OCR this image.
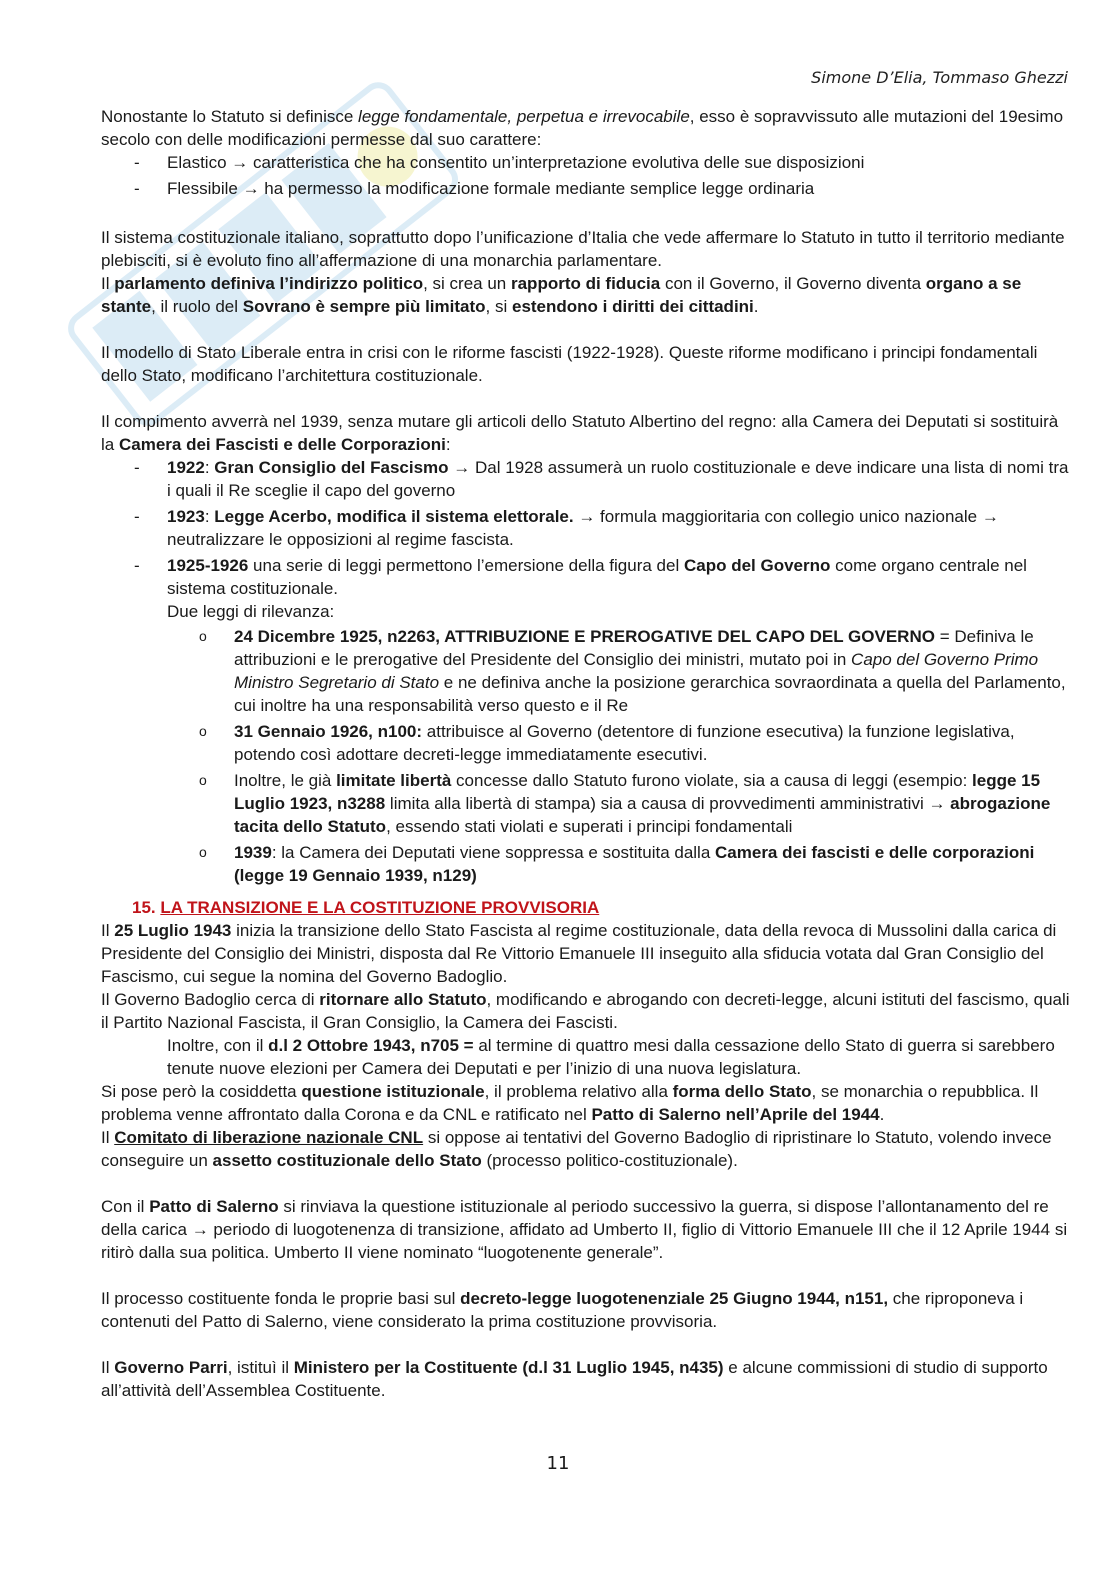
Simone D’Elia, Tommaso Ghezzi

Nonostante lo Statuto si definisce legge fondamentale, perpetua e irrevocabile, esso è sopravvissuto alle mutazioni del 19esimo secolo con delle modificazioni permesse dal suo carattere:

- Elastico → caratteristica che ha consentito un’interpretazione evolutiva delle sue disposizioni
- Flessibile → ha permesso la modificazione formale mediante semplice legge ordinaria

Il sistema costituzionale italiano, soprattutto dopo l’unificazione d’Italia che vede affermare lo Statuto in tutto il territorio mediante plebisciti, si è evoluto fino all’affermazione di una monarchia parlamentare.

Il parlamento definiva l’indirizzo politico, si crea un rapporto di fiducia con il Governo, il Governo diventa organo a se stante, il ruolo del Sovrano è sempre più limitato, si estendono i diritti dei cittadini.

Il modello di Stato Liberale entra in crisi con le riforme fascisti (1922-1928). Queste riforme modificano i principi fondamentali dello Stato, modificano l’architettura costituzionale.

Il compimento avverrà nel 1939, senza mutare gli articoli dello Statuto Albertino del regno: alla Camera dei Deputati si sostituirà la Camera dei Fascisti e delle Corporazioni:

- 1922: Gran Consiglio del Fascismo → Dal 1928 assumerà un ruolo costituzionale e deve indicare una lista di nomi tra i quali il Re sceglie il capo del governo
- 1923: Legge Acerbo, modifica il sistema elettorale. → formula maggioritaria con collegio unico nazionale → neutralizzare le opposizioni al regime fascista.
- 1925-1926 una serie di leggi permettono l’emersione della figura del Capo del Governo come organo centrale nel sistema costituzionale.
Due leggi di rilevanza:
o 24 Dicembre 1925, n2263, ATTRIBUZIONE E PREROGATIVE DEL CAPO DEL GOVERNO = Definiva le attribuzioni e le prerogative del Presidente del Consiglio dei ministri, mutato poi in Capo del Governo Primo Ministro Segretario di Stato e ne definiva anche la posizione gerarchica sovraordinata a quella del Parlamento, cui inoltre ha una responsabilità verso questo e il Re
o 31 Gennaio 1926, n100: attribuisce al Governo (detentore di funzione esecutiva) la funzione legislativa, potendo così adottare decreti-legge immediatamente esecutivi.
o Inoltre, le già limitate libertà concesse dallo Statuto furono violate, sia a causa di leggi (esempio: legge 15 Luglio 1923, n3288 limita alla libertà di stampa) sia a causa di provvedimenti amministrativi → abrogazione tacita dello Statuto, essendo stati violati e superati i principi fondamentali
o 1939: la Camera dei Deputati viene soppressa e sostituita dalla Camera dei fascisti e delle corporazioni (legge 19 Gennaio 1939, n129)

15. LA TRANSIZIONE E LA COSTITUZIONE PROVVISORIA

Il 25 Luglio 1943 inizia la transizione dello Stato Fascista al regime costituzionale, data della revoca di Mussolini dalla carica di Presidente del Consiglio dei Ministri, disposta dal Re Vittorio Emanuele III inseguito alla sfiducia votata dal Gran Consiglio del Fascismo, cui segue la nomina del Governo Badoglio.

Il Governo Badoglio cerca di ritornare allo Statuto, modificando e abrogando con decreti-legge, alcuni istituti del fascismo, quali il Partito Nazional Fascista, il Gran Consiglio, la Camera dei Fascisti.

Inoltre, con il d.l 2 Ottobre 1943, n705 = al termine di quattro mesi dalla cessazione dello Stato di guerra si sarebbero tenute nuove elezioni per Camera dei Deputati e per l’inizio di una nuova legislatura.

Si pose però la cosiddetta questione istituzionale, il problema relativo alla forma dello Stato, se monarchia o repubblica. Il problema venne affrontato dalla Corona e da CNL e ratificato nel Patto di Salerno nell’Aprile del 1944.

Il Comitato di liberazione nazionale CNL si oppose ai tentativi del Governo Badoglio di ripristinare lo Statuto, volendo invece conseguire un assetto costituzionale dello Stato (processo politico-costituzionale).

Con il Patto di Salerno si rinviava la questione istituzionale al periodo successivo la guerra, si dispose l’allontanamento del re della carica → periodo di luogotenenza di transizione, affidato ad Umberto II, figlio di Vittorio Emanuele III che il 12 Aprile 1944 si ritirò dalla sua politica. Umberto II viene nominato “luogotenente generale”.

Il processo costituente fonda le proprie basi sul decreto-legge luogotenenziale 25 Giugno 1944, n151, che riproponeva i contenuti del Patto di Salerno, viene considerato la prima costituzione provvisoria.

Il Governo Parri, istituì il Ministero per la Costituente (d.l 31 Luglio 1945, n435) e alcune commissioni di studio di supporto all’attività dell’Assemblea Costituente.

11
